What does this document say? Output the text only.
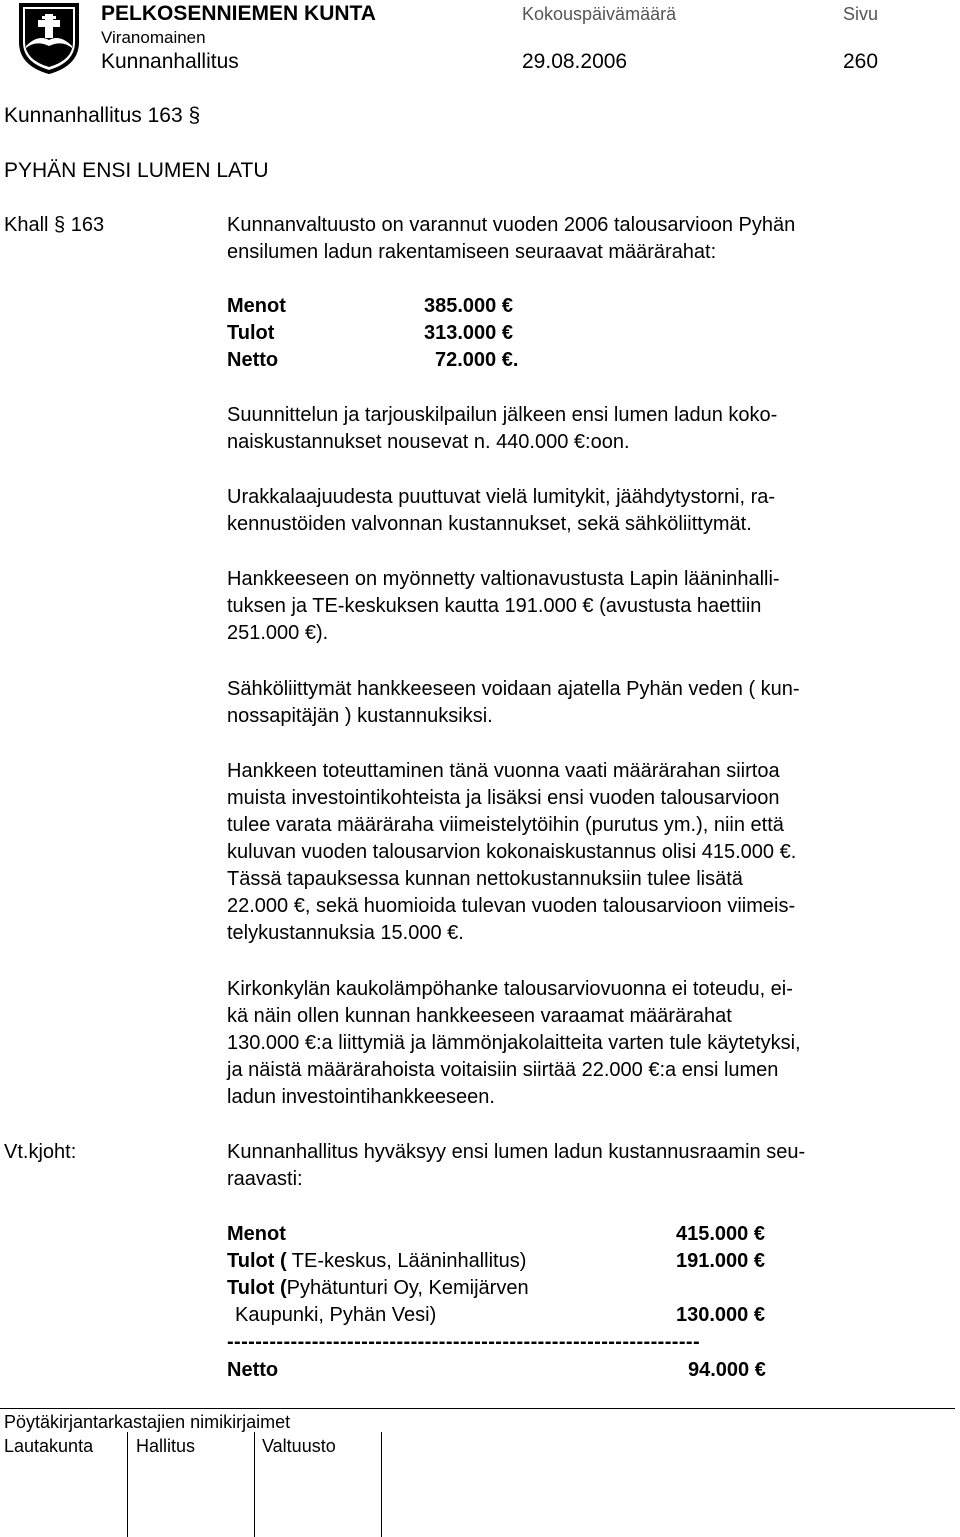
PELKOSENNIEMEN KUNTA	Kokouspäivämäärä	Sivu
Viranomainen
Kunnanhallitus	29.08.2006	260
Kunnanhallitus 163 §
PYHÄN ENSI LUMEN LATU
Khall § 163	Kunnanvaltuusto on varannut vuoden 2006 talousarvioon Pyhän
ensilumen ladun rakentamiseen seuraavat määrärahat:
Menot	385.000 €
Tulot	313.000 €
Netto	72.000 €.
Suunnittelun ja tarjouskilpailun jälkeen ensi lumen ladun koko-
naiskustannukset nousevat n. 440.000 €:oon.
Urakkalaajuudesta puuttuvat vielä lumitykit, jäähdytystorni, ra-
kennustöiden valvonnan kustannukset, sekä sähköliittymät.
Hankkeeseen on myönnetty valtionavustusta Lapin lääninhalli-
tuksen ja TE-keskuksen kautta 191.000 € (avustusta haettiin
251.000 €).
Sähköliittymät hankkeeseen voidaan ajatella Pyhän veden ( kun-
nossapitäjän ) kustannuksiksi.
Hankkeen toteuttaminen tänä vuonna vaati määrärahan siirtoa
muista investointikohteista ja lisäksi ensi vuoden talousarvioon
tulee varata määräraha viimeistelytöihin (purutus ym.), niin että
kuluvan vuoden talousarvion kokonaiskustannus olisi 415.000 €.
Tässä tapauksessa kunnan nettokustannuksiin tulee lisätä
22.000 €, sekä huomioida tulevan vuoden talousarvioon viimeis-
telykustannuksia 15.000 €.
Kirkonkylän kaukolämpöhanke talousarviovuonna ei toteudu, ei-
kä näin ollen kunnan hankkeeseen varaamat määrärahat
130.000 €:a liittymiä ja lämmönjakolaitteita varten tule käytetyksi,
ja näistä määrärahoista voitaisiin siirtää 22.000 €:a ensi lumen
ladun investointihankkeeseen.
Vt.kjoht:	Kunnanhallitus hyväksyy ensi lumen ladun kustannusraamin seu-
raavasti:
Menot	415.000 €
Tulot ( TE-keskus, Lääninhallitus)	191.000 €
Tulot (Pyhätunturi Oy, Kemijärven
Kaupunki, Pyhän Vesi)	130.000 €
-------------------------------------------------------------------
Netto	94.000 €
Pöytäkirjantarkastajien nimikirjaimet
Lautakunta Hallitus	Valtuusto
